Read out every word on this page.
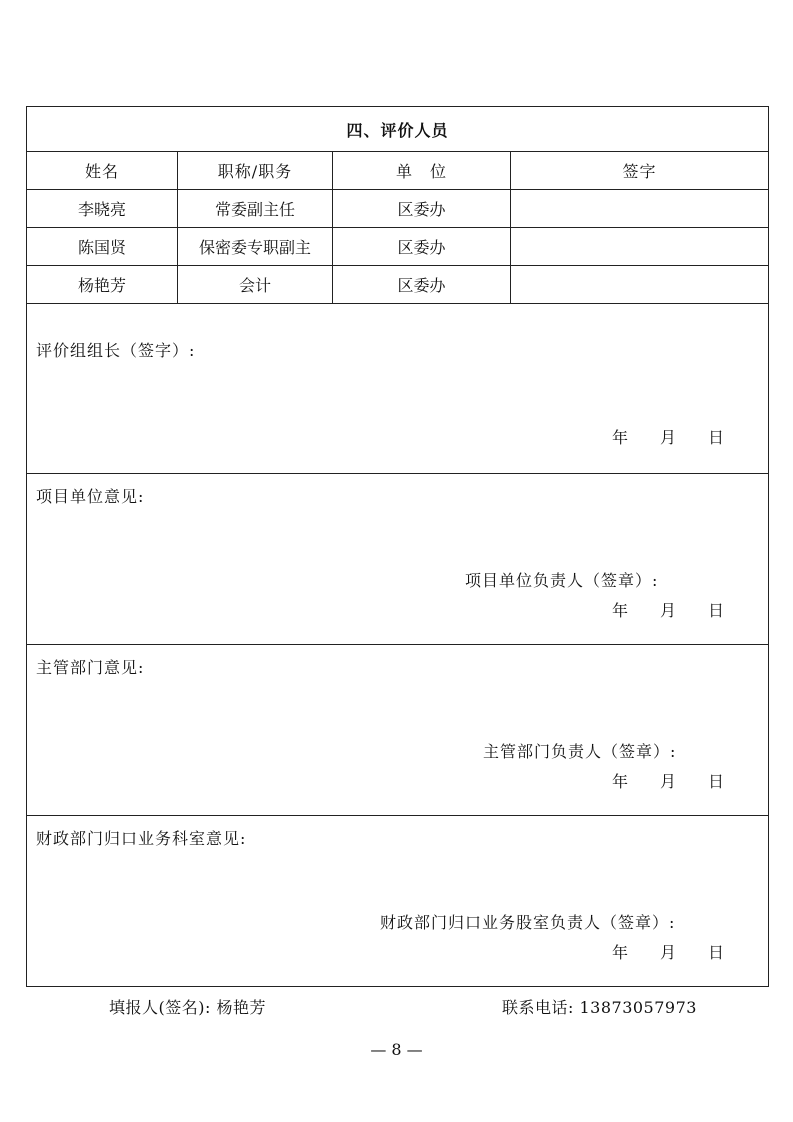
四、评价人员			
姓名	职称/职务	单　位	签字
李晓亮	常委副主任	区委办	
陈国贤	保密委专职副主	区委办	
杨艳芳	会计	区委办	

评价组组长（签字）:
年 月 日			

项目单位意见:
项目单位负责人（签章）:
年 月 日			

主管部门意见:
主管部门负责人（签章）:
年 月 日			

财政部门归口业务科室意见:
财政部门归口业务股室负责人（签章）:
年 月 日			
填报人(签名): 杨艳芳	联系电话: 13873057973
— 8 —
